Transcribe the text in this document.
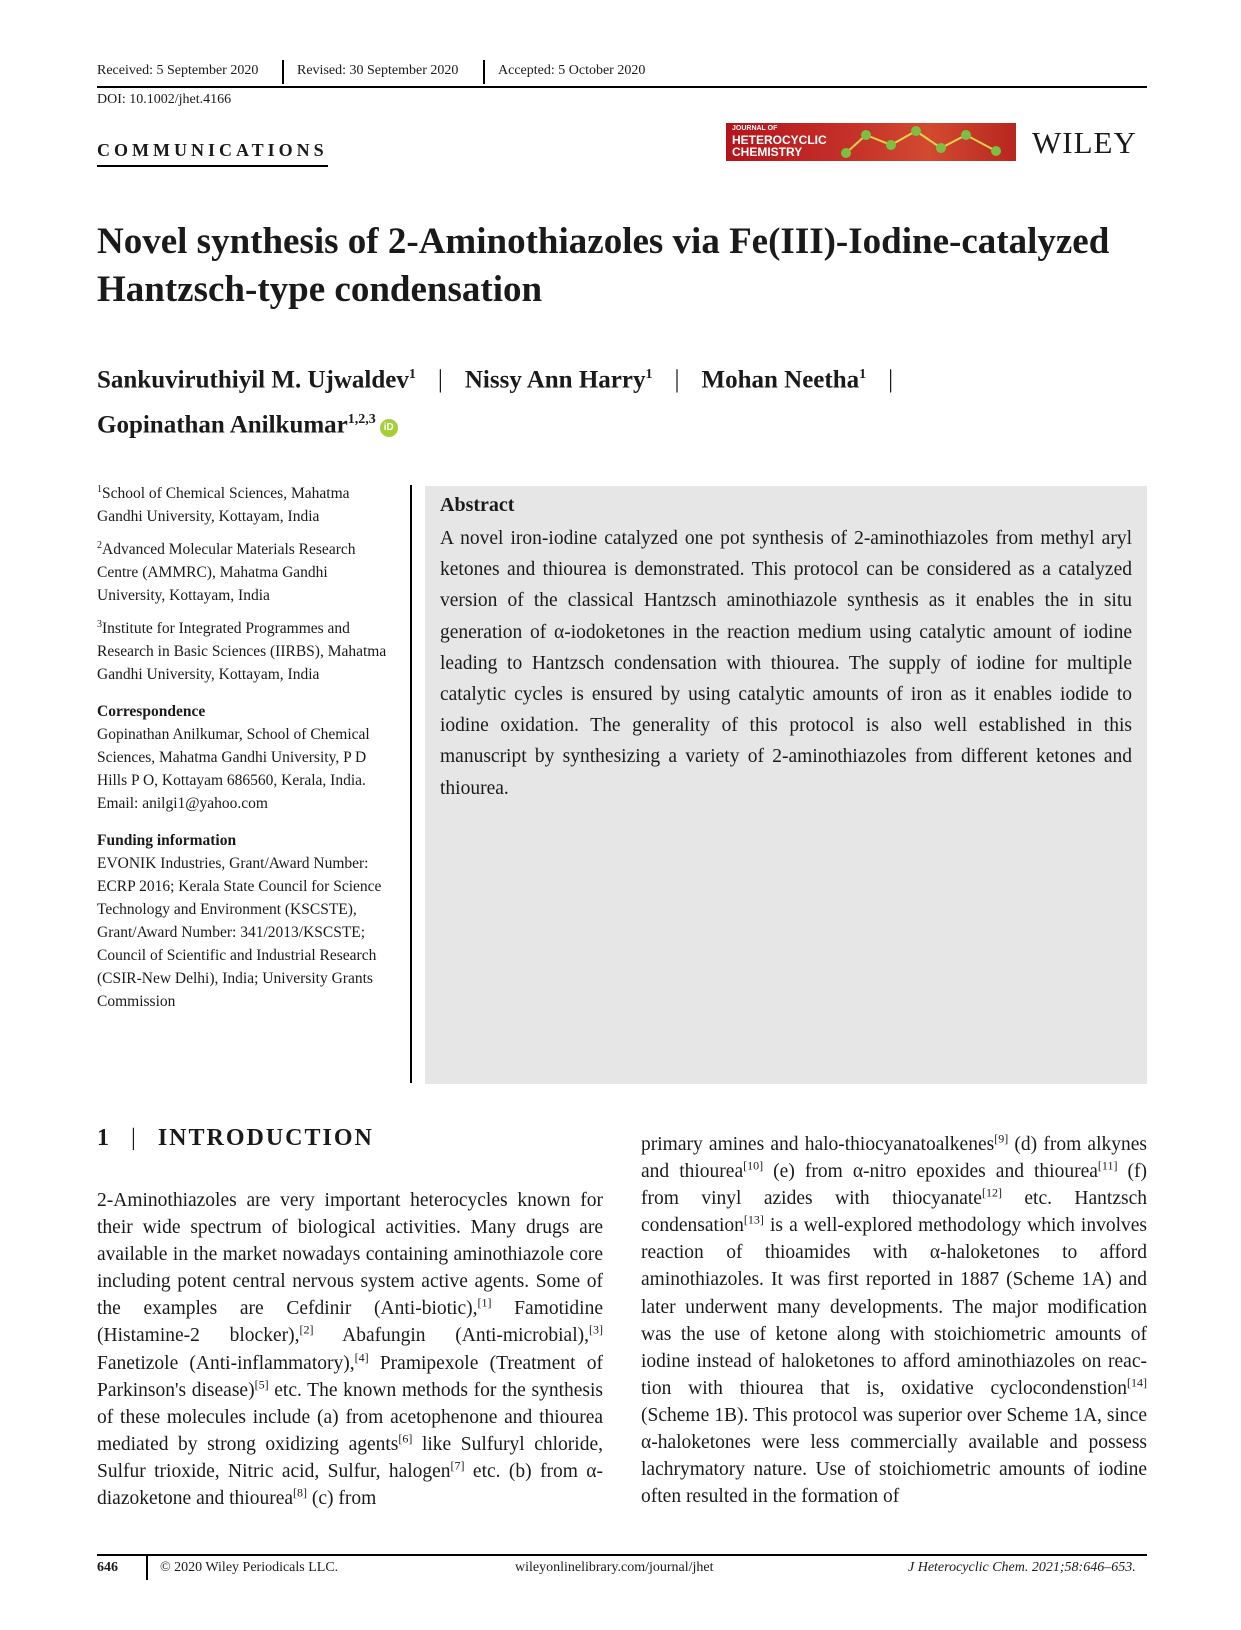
Received: 5 September 2020	Revised: 30 September 2020	Accepted: 5 October 2020
DOI: 10.1002/jhet.4166
COMMUNICATIONS
JOURNAL OF
HETEROCYCLIC
CHEMISTRY	WILEY
Novel synthesis of 2-Aminothiazoles via Fe(III)-Iodine-catalyzed Hantzsch-type condensation
Sankuviruthiyil M. Ujwaldev$^1$ | Nissy Ann Harry$^1$ | Mohan Neetha$^1$ |
Gopinathan Anilkumar$^{1,2,3}$ iD

$^1$School of Chemical Sciences, Mahatma Gandhi University, Kottayam, India

$^2$Advanced Molecular Materials Research Centre (AMMRC), Mahatma Gandhi University, Kottayam, India

$^3$Institute for Integrated Programmes and Research in Basic Sciences (IIRBS), Mahatma Gandhi University, Kottayam, India

Correspondence

Gopinathan Anilkumar, School of Chemical Sciences, Mahatma Gandhi University, P D Hills P O, Kottayam 686560, Kerala, India.

Email: anilgi1@yahoo.com

Funding information

EVONIK Industries, Grant/Award Number: ECRP 2016; Kerala State Council for Science Technology and Environment (KSCSTE), Grant/Award Number: 341/2013/KSCSTE; Council of Scientific and Industrial Research (CSIR-New Delhi), India; University Grants Commission

Abstract

A novel iron-iodine catalyzed one pot synthesis of 2-aminothiazoles from methyl aryl ketones and thiourea is demonstrated. This protocol can be considered as a catalyzed version of the classical Hantzsch aminothiazole synthesis as it enables the in situ generation of α-iodoketones in the reaction medium using catalytic amount of iodine leading to Hantzsch condensation with thiourea. The supply of iodine for multiple catalytic cycles is ensured by using catalytic amounts of iron as it enables iodide to iodine oxidation. The generality of this protocol is also well established in this manuscript by synthesizing a variety of 2-aminothiazoles from different ketones and thiourea.

1 | INTRODUCTION
2-Aminothiazoles are very important heterocycles known for their wide spectrum of biological activities. Many drugs are available in the market nowadays containing aminothiazole core including potent central nervous system active agents. Some of the examples are Cefdinir (Anti-biotic),[1] Famotidine (Histamine-2 blocker),[2] Abafungin (Anti-microbial),[3] Fanetizole (Anti-inflammatory),[4] Pramipexole (Treatment of Parkinson's disease)[5] etc. The known methods for the synthesis of these molecules include (a) from acetophenone and thiourea mediated by strong oxidizing agents[6] like Sulfuryl chloride, Sulfur trioxide, Nitric acid, Sulfur, halogen[7] etc. (b) from α-diazoketone and thiourea[8] (c) from
primary amines and halo-thiocyanatoalkenes[9] (d) from alkynes and thiourea[10] (e) from α-nitro epoxides and thiourea[11] (f) from vinyl azides with thiocyanate[12] etc. Hantzsch condensation[13] is a well-explored methodology which involves reaction of thioamides with α-haloketones to afford aminothiazoles. It was first reported in 1887 (Scheme 1A) and later underwent many developments. The major modification was the use of ketone along with stoichiometric amounts of iodine instead of haloketones to afford aminothiazoles on reaction with thiourea that is, oxidative cyclocondenstion[14] (Scheme 1B). This protocol was superior over Scheme 1A, since α-haloketones were less commercially available and possess lachrymatory nature. Use of stoichiometric amounts of iodine often resulted in the formation of
646	© 2020 Wiley Periodicals LLC.	wileyonlinelibrary.com/journal/jhet	J Heterocyclic Chem. 2021;58:646–653.
